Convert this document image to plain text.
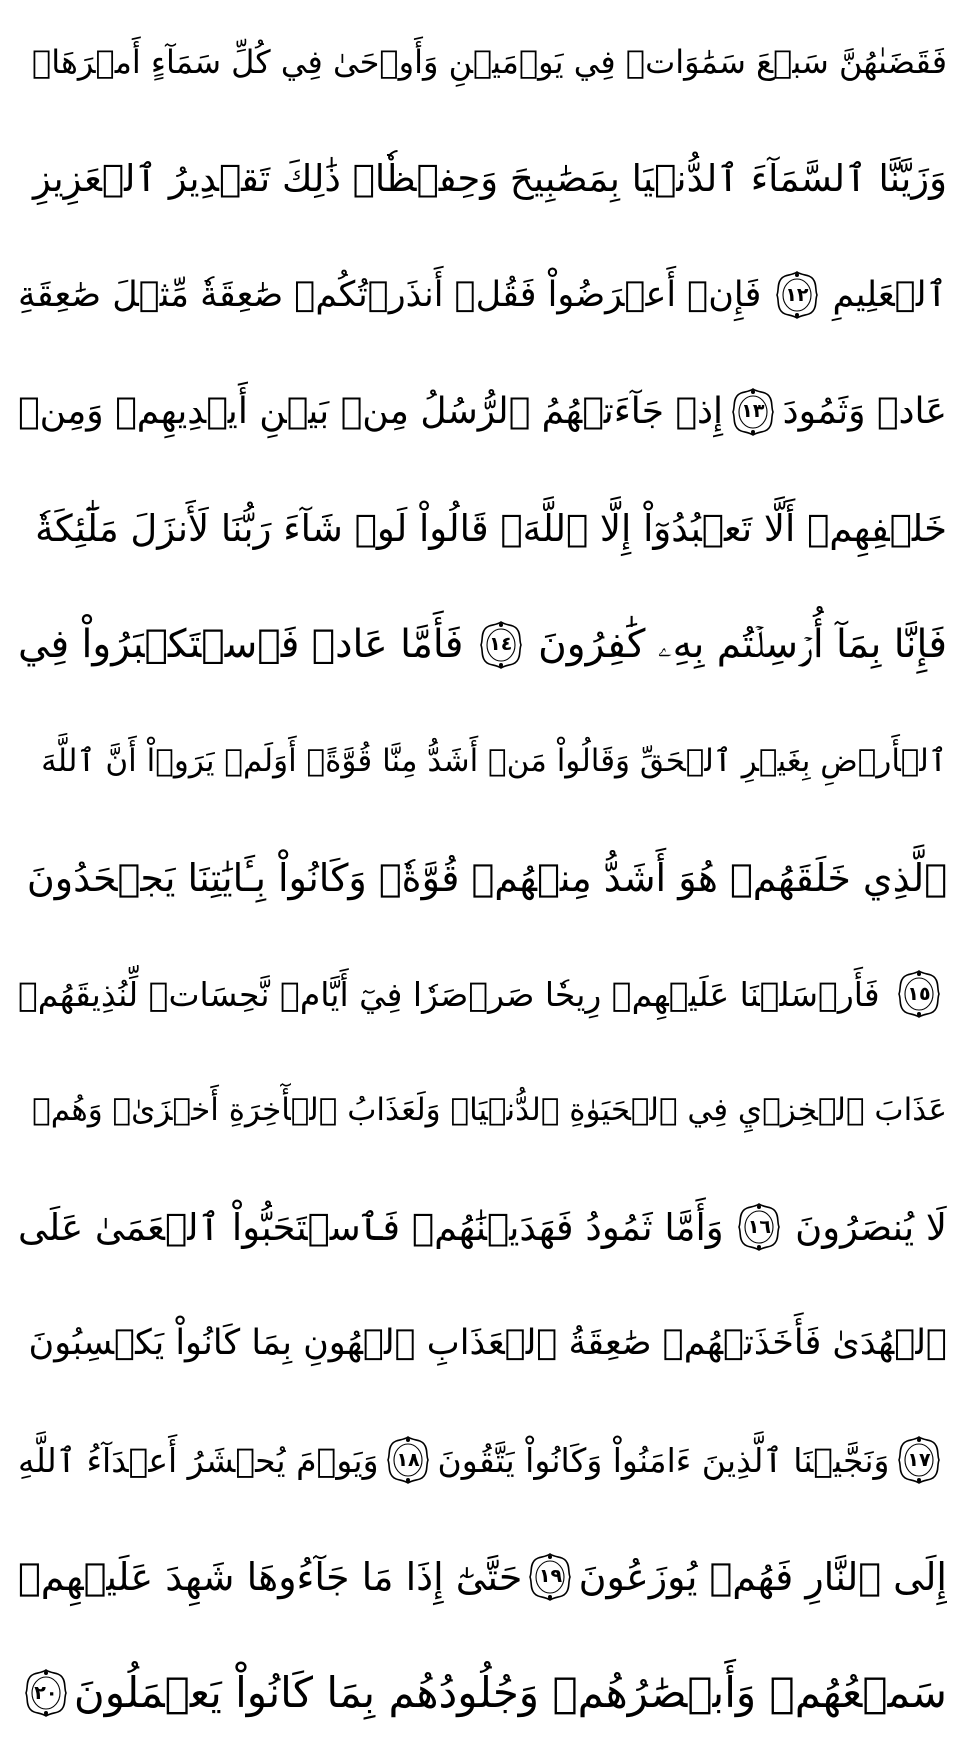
فَقَضَىٰهُنَّ سَبۡعَ سَمَٰوَاتٖ فِي يَوۡمَيۡنِ وَأَوۡحَىٰ فِي كُلِّ سَمَآءٍ أَمۡرَهَاۚ
وَزَيَّنَّا ٱلسَّمَآءَ ٱلدُّنۡيَا بِمَصَٰبِيحَ وَحِفۡظٗاۚ ذَٰلِكَ تَقۡدِيرُ ٱلۡعَزِيزِ
ٱلۡعَلِيمِ
١٢
فَإِنۡ أَعۡرَضُواْ فَقُلۡ أَنذَرۡتُكُمۡ صَٰعِقَةٗ مِّثۡلَ صَٰعِقَةِ
عَادٖ وَثَمُودَ
١٣
إِذۡ جَآءَتۡهُمُ ٱلرُّسُلُ مِنۢ بَيۡنِ أَيۡدِيهِمۡ وَمِنۡ
خَلۡفِهِمۡ أَلَّا تَعۡبُدُوٓاْ إِلَّا ٱللَّهَۖ قَالُواْ لَوۡ شَآءَ رَبُّنَا لَأَنزَلَ مَلَٰٓئِكَةٗ
فَإِنَّا بِمَآ أُرۡسِلۡتُم بِهِۦ كَٰفِرُونَ
١٤
فَأَمَّا عَادٞ فَٱسۡتَكۡبَرُواْ فِي
ٱلۡأَرۡضِ بِغَيۡرِ ٱلۡحَقِّ وَقَالُواْ مَنۡ أَشَدُّ مِنَّا قُوَّةًۖ أَوَلَمۡ يَرَوۡاْ أَنَّ ٱللَّهَ
ٱلَّذِي خَلَقَهُمۡ هُوَ أَشَدُّ مِنۡهُمۡ قُوَّةٗۖ وَكَانُواْ بِـَٔايَٰتِنَا يَجۡحَدُونَ
١٥
فَأَرۡسَلۡنَا عَلَيۡهِمۡ رِيحٗا صَرۡصَرٗا فِيٓ أَيَّامٖ نَّحِسَاتٖ لِّنُذِيقَهُمۡ
عَذَابَ ٱلۡخِزۡيِ فِي ٱلۡحَيَوٰةِ ٱلدُّنۡيَاۖ وَلَعَذَابُ ٱلۡأٓخِرَةِ أَخۡزَىٰۖ وَهُمۡ
لَا يُنصَرُونَ
١٦
وَأَمَّا ثَمُودُ فَهَدَيۡنَٰهُمۡ فَٱسۡتَحَبُّواْ ٱلۡعَمَىٰ عَلَى
ٱلۡهُدَىٰ فَأَخَذَتۡهُمۡ صَٰعِقَةُ ٱلۡعَذَابِ ٱلۡهُونِ بِمَا كَانُواْ يَكۡسِبُونَ
١٧
وَنَجَّيۡنَا ٱلَّذِينَ ءَامَنُواْ وَكَانُواْ يَتَّقُونَ
١٨
وَيَوۡمَ يُحۡشَرُ أَعۡدَآءُ ٱللَّهِ
إِلَى ٱلنَّارِ فَهُمۡ يُوزَعُونَ
١٩
حَتَّىٰٓ إِذَا مَا جَآءُوهَا شَهِدَ عَلَيۡهِمۡ
سَمۡعُهُمۡ وَأَبۡصَٰرُهُمۡ وَجُلُودُهُم بِمَا كَانُواْ يَعۡمَلُونَ
٢٠
